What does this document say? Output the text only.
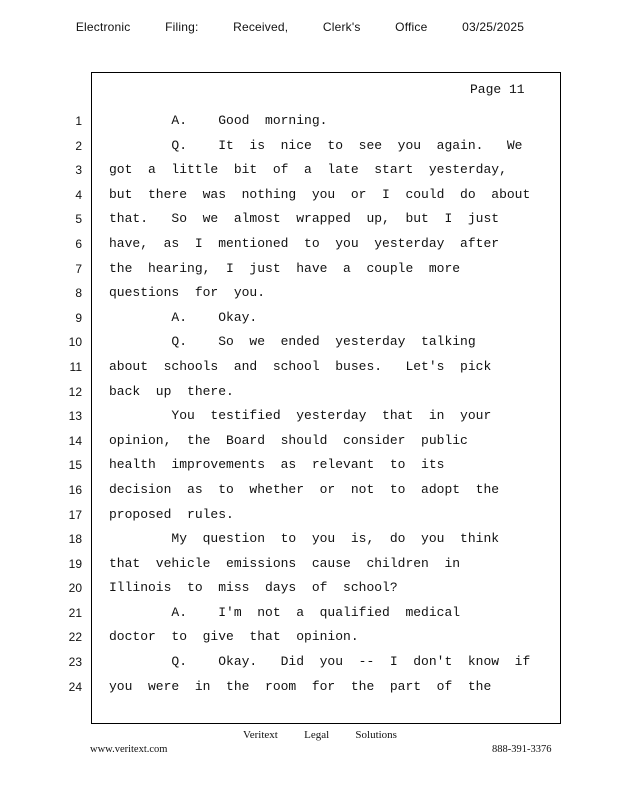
Electronic   Filing:   Received,   Clerk's   Office   03/25/2025
Page 11
1 A.    Good  morning.
2 Q.    It  is  nice  to  see  you  again.   We
3 got  a  little  bit  of  a  late  start  yesterday,
4 but  there  was  nothing  you  or  I  could  do  about
5 that.   So  we  almost  wrapped  up,  but  I  just
6 have,  as  I  mentioned  to  you  yesterday  after
7 the  hearing,  I  just  have  a  couple  more
8 questions  for  you.
9 A.    Okay.
10 Q.    So  we  ended  yesterday  talking
11 about  schools  and  school  buses.   Let's  pick
12 back  up  there.
13 You  testified  yesterday  that  in  your
14 opinion,  the  Board  should  consider  public
15 health  improvements  as  relevant  to  its
16 decision  as  to  whether  or  not  to  adopt  the
17 proposed  rules.
18 My  question  to  you  is,  do  you  think
19 that  vehicle  emissions  cause  children  in
20 Illinois  to  miss  days  of  school?
21 A.    I'm  not  a  qualified  medical
22 doctor  to  give  that  opinion.
23 Q.    Okay.   Did  you  --  I  don't  know  if
24 you  were  in  the  room  for  the  part  of  the
Veritext   Legal   Solutions
www.veritext.com	888-391-3376
